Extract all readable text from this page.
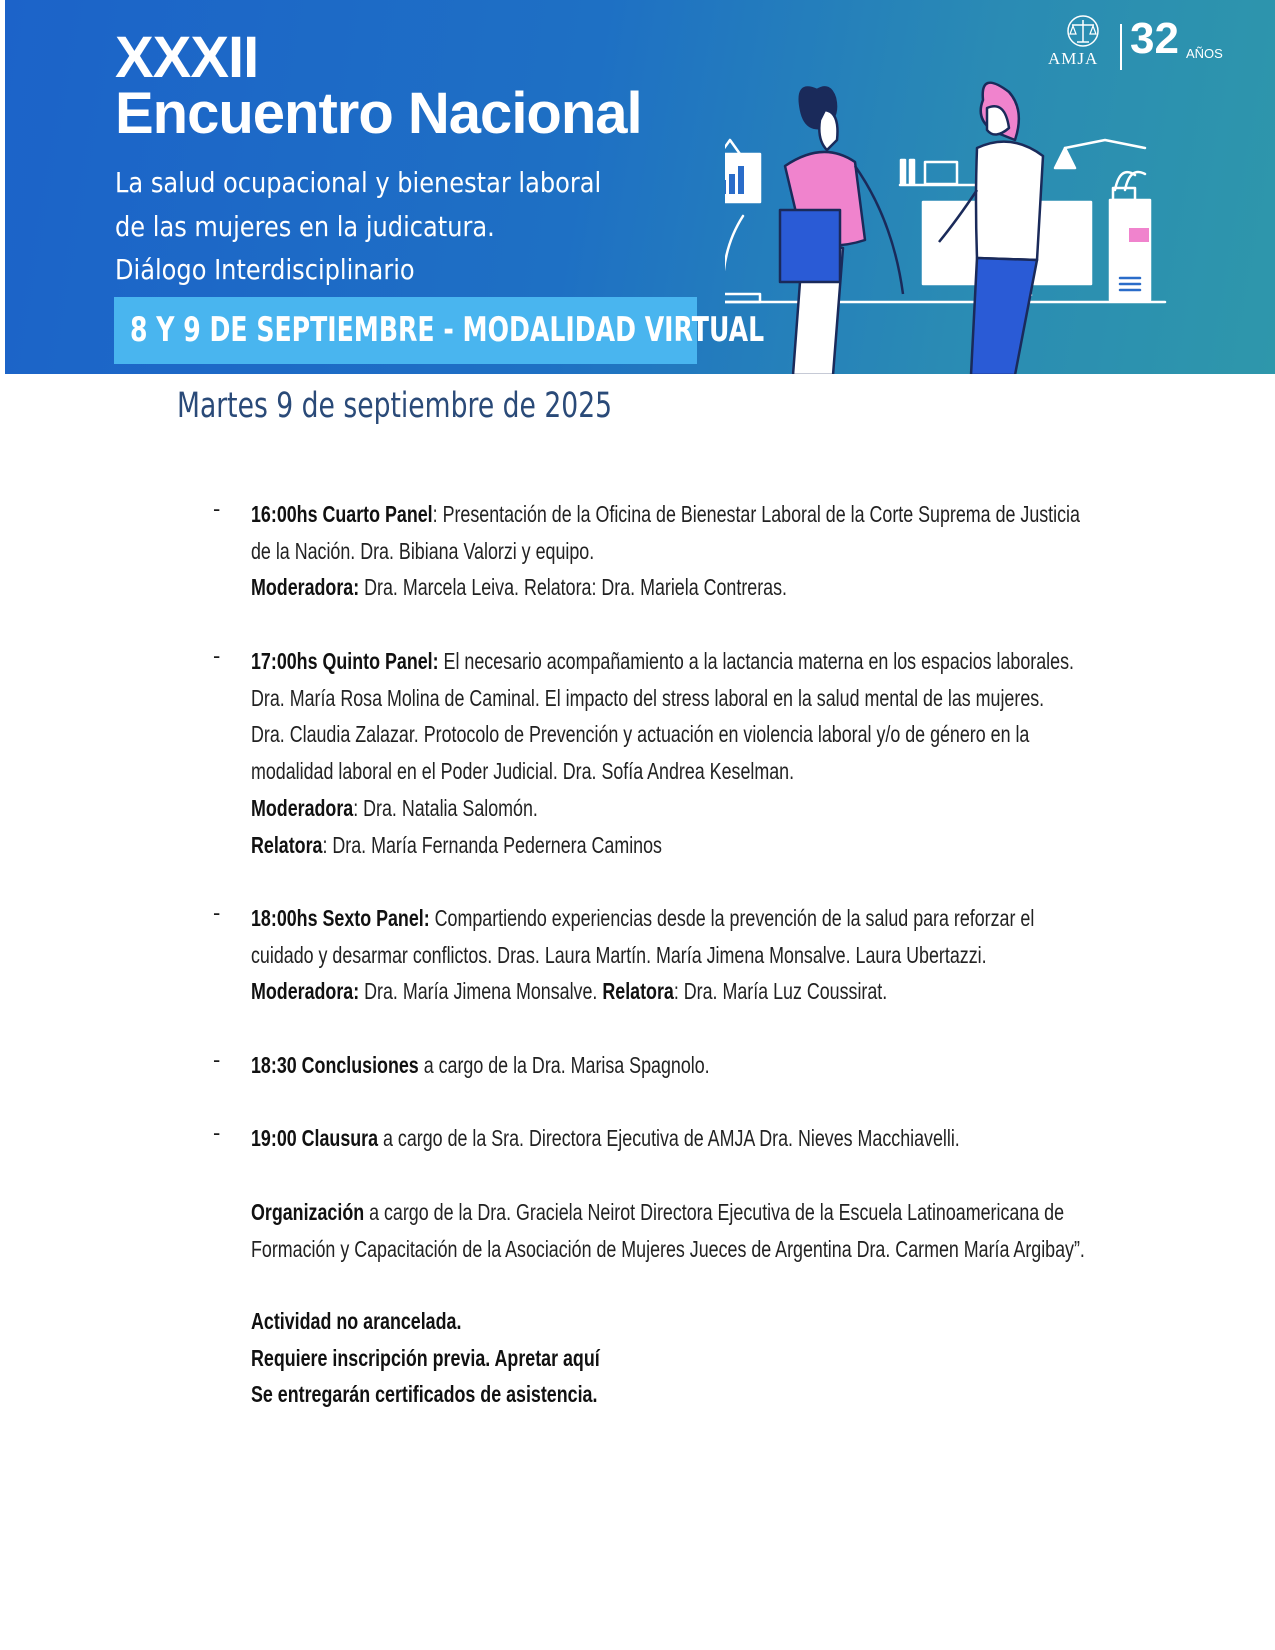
XXXII
Encuentro Nacional

La salud ocupacional y bienestar laboral

de las mujeres en la judicatura.

Diálogo Interdisciplinario

8 Y 9 DE SEPTIEMBRE - MODALIDAD VIRTUAL
AMJA 32 AÑOS
Martes 9 de septiembre de 2025
- 16:00hs Cuarto Panel: Presentación de la Oficina de Bienestar Laboral de la Corte Suprema de Justicia
de la Nación. Dra. Bibiana Valorzi y equipo.
Moderadora: Dra. Marcela Leiva. Relatora: Dra. Mariela Contreras.
- 17:00hs Quinto Panel: El necesario acompañamiento a la lactancia materna en los espacios laborales.
Dra. María Rosa Molina de Caminal. El impacto del stress laboral en la salud mental de las mujeres.
Dra. Claudia Zalazar. Protocolo de Prevención y actuación en violencia laboral y/o de género en la
modalidad laboral en el Poder Judicial. Dra. Sofía Andrea Keselman.
Moderadora: Dra. Natalia Salomón.
Relatora: Dra. María Fernanda Pedernera Caminos
- 18:00hs Sexto Panel: Compartiendo experiencias desde la prevención de la salud para reforzar el
cuidado y desarmar conflictos. Dras. Laura Martín. María Jimena Monsalve. Laura Ubertazzi.
Moderadora: Dra. María Jimena Monsalve. Relatora: Dra. María Luz Coussirat.
- 18:30 Conclusiones a cargo de la Dra. Marisa Spagnolo.
- 19:00 Clausura a cargo de la Sra. Directora Ejecutiva de AMJA Dra. Nieves Macchiavelli.
Organización a cargo de la Dra. Graciela Neirot Directora Ejecutiva de la Escuela Latinoamericana de
Formación y Capacitación de la Asociación de Mujeres Jueces de Argentina Dra. Carmen María Argibay”.
Actividad no arancelada.
Requiere inscripción previa. Apretar aquí
Se entregarán certificados de asistencia.
